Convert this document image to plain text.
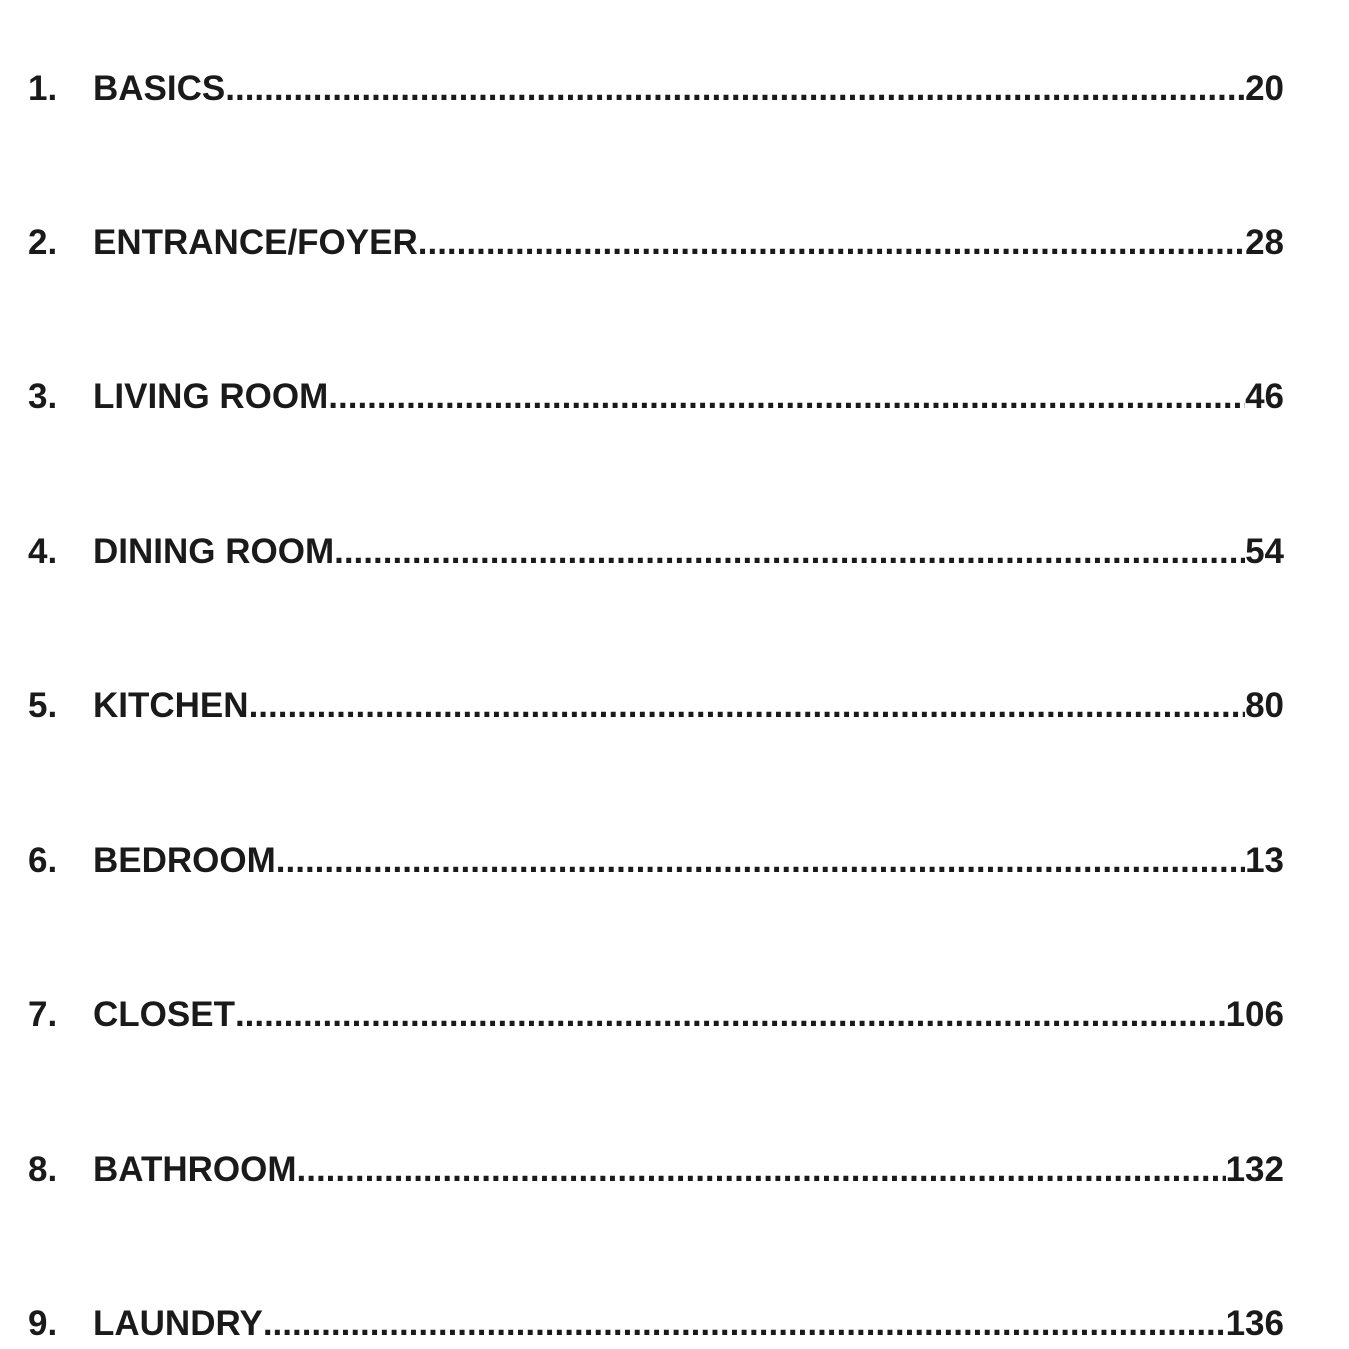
1.	BASICS .....	20
2.	ENTRANCE/FOYER .....	28
3.	LIVING ROOM .....	46
4.	DINING ROOM .....	54
5.	KITCHEN .....	80
6.	BEDROOM .....	13
7.	CLOSET .....	106
8.	BATHROOM .....	132
9.	LAUNDRY .....	136
